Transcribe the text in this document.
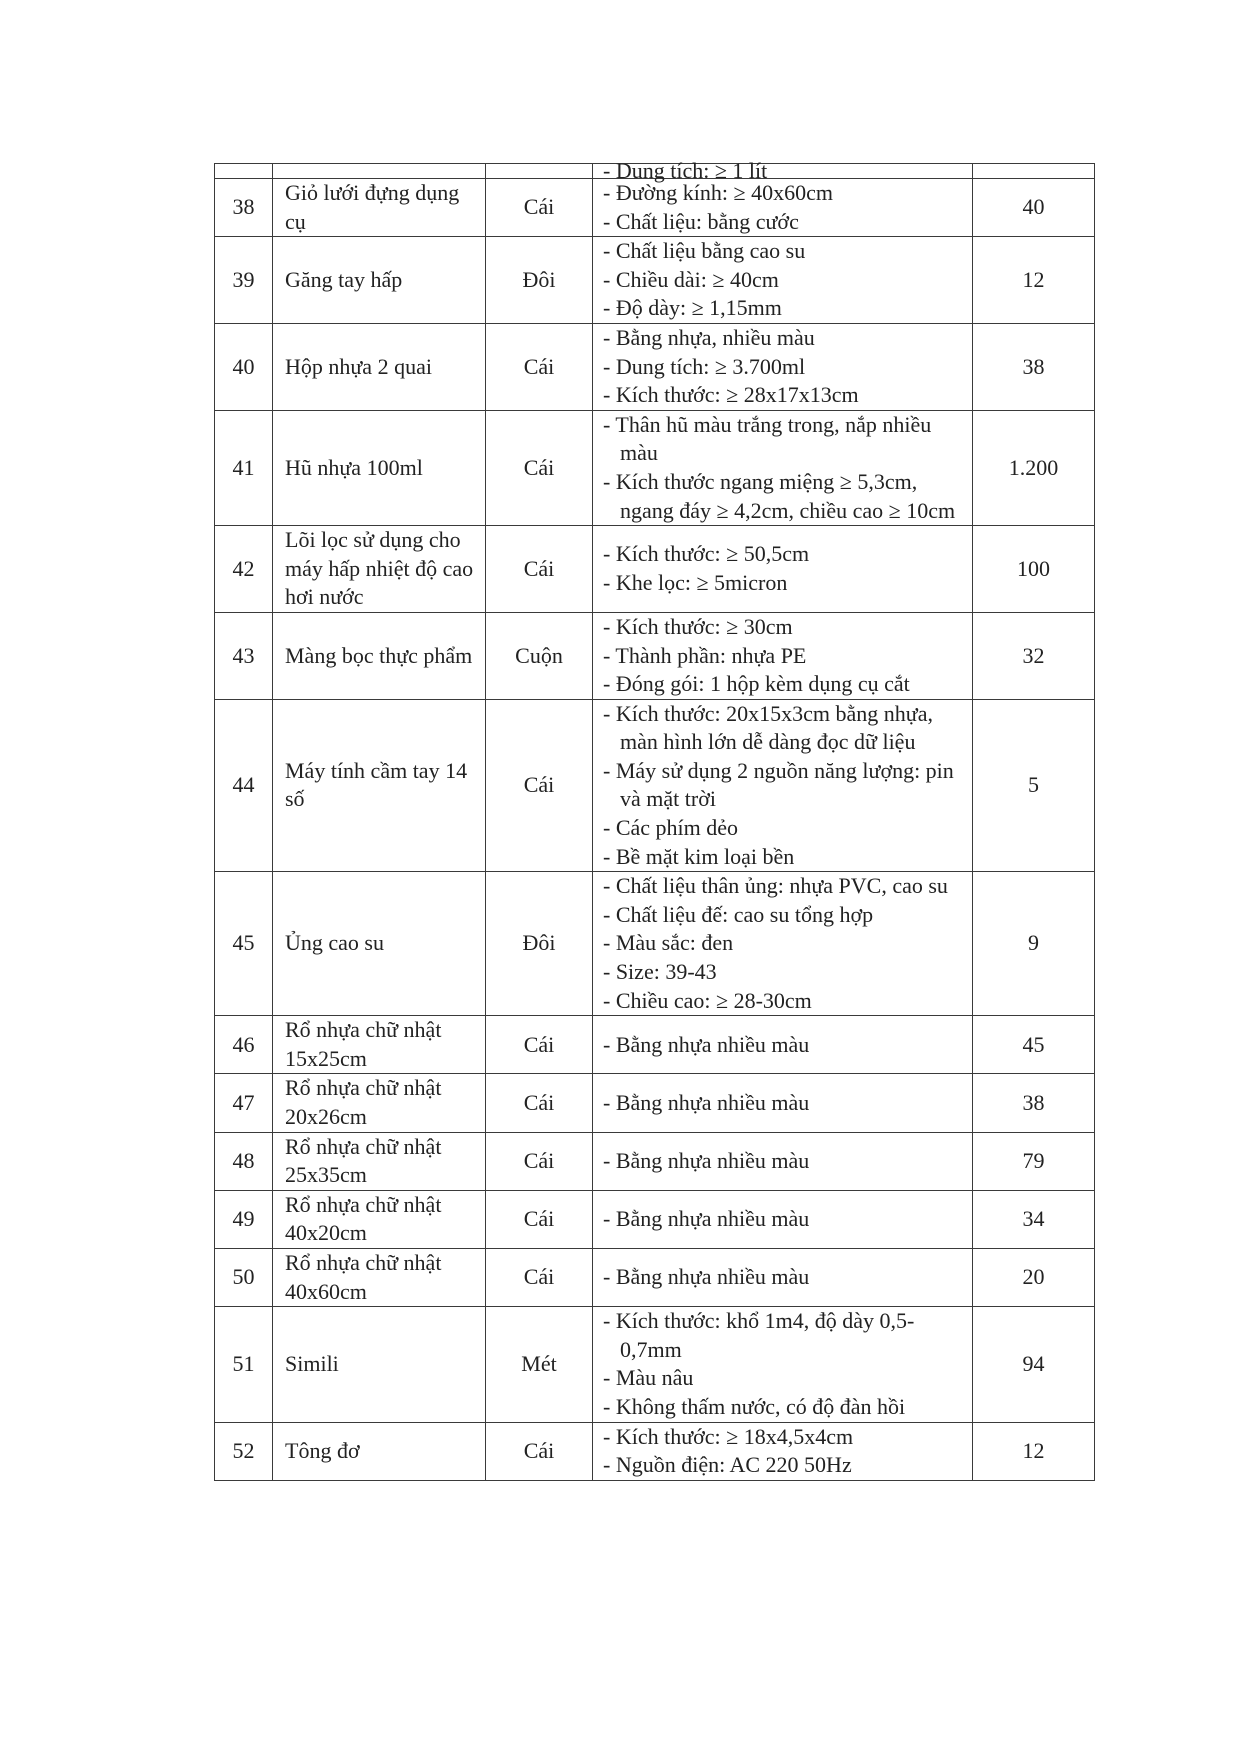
			- Dung tích: ≥ 1 lít	

38	Giỏ lưới đựng dụng cụ	Cái	- Đường kính: ≥ 40x60cm
- Chất liệu: bằng cước	40
39	Găng tay hấp	Đôi	- Chất liệu bằng cao su
- Chiều dài: ≥ 40cm
- Độ dày: ≥ 1,15mm	12
40	Hộp nhựa 2 quai	Cái	- Bằng nhựa, nhiều màu
- Dung tích: ≥ 3.700ml
- Kích thước: ≥ 28x17x13cm	38
41	Hũ nhựa 100ml	Cái	- Thân hũ màu trắng trong, nắp nhiều màu
- Kích thước ngang miệng ≥ 5,3cm, ngang đáy ≥ 4,2cm, chiều cao ≥ 10cm	1.200
42	Lõi lọc sử dụng cho máy hấp nhiệt độ cao hơi nước	Cái	- Kích thước: ≥ 50,5cm
- Khe lọc: ≥ 5micron	100
43	Màng bọc thực phẩm	Cuộn	- Kích thước: ≥ 30cm
- Thành phần: nhựa PE
- Đóng gói: 1 hộp kèm dụng cụ cắt	32
44	Máy tính cầm tay 14 số	Cái	- Kích thước: 20x15x3cm bằng nhựa, màn hình lớn dễ dàng đọc dữ liệu
- Máy sử dụng 2 nguồn năng lượng: pin và mặt trời
- Các phím dẻo
- Bề mặt kim loại bền	5
45	Ủng cao su	Đôi	- Chất liệu thân ủng: nhựa PVC, cao su
- Chất liệu đế: cao su tổng hợp
- Màu sắc: đen
- Size: 39-43
- Chiều cao: ≥ 28-30cm	9
46	Rổ nhựa chữ nhật 15x25cm	Cái	- Bằng nhựa nhiều màu	45
47	Rổ nhựa chữ nhật 20x26cm	Cái	- Bằng nhựa nhiều màu	38
48	Rổ nhựa chữ nhật 25x35cm	Cái	- Bằng nhựa nhiều màu	79
49	Rổ nhựa chữ nhật 40x20cm	Cái	- Bằng nhựa nhiều màu	34
50	Rổ nhựa chữ nhật 40x60cm	Cái	- Bằng nhựa nhiều màu	20
51	Simili	Mét	- Kích thước: khổ 1m4, độ dày 0,5-0,7mm
- Màu nâu
- Không thấm nước, có độ đàn hồi	94
52	Tông đơ	Cái	- Kích thước: ≥ 18x4,5x4cm
- Nguồn điện: AC 220 50Hz	12
